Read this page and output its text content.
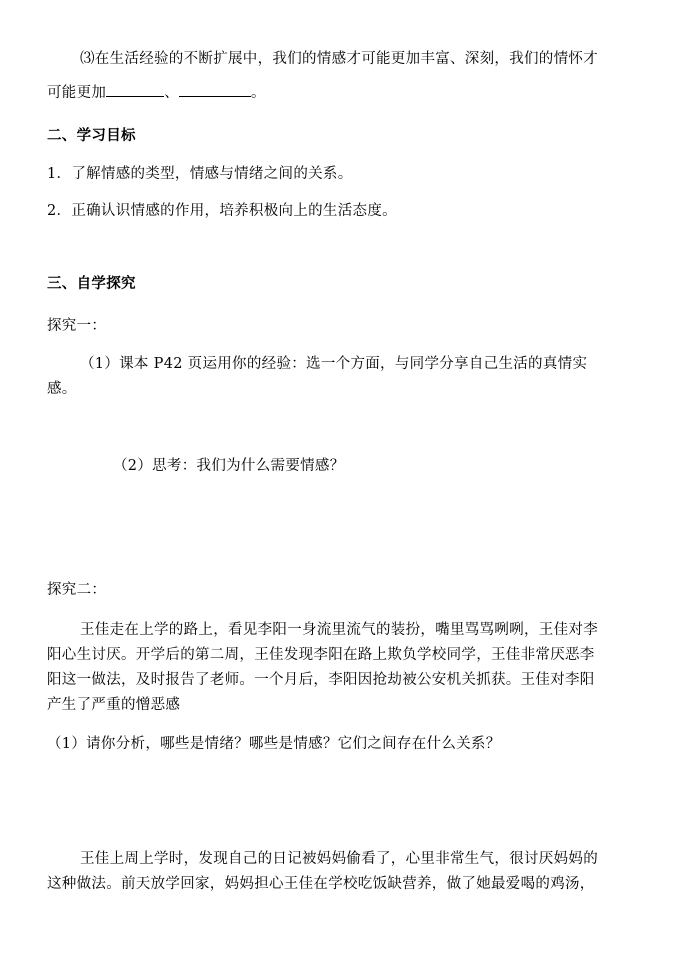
⑶在生活经验的不断扩展中，我们的情感才可能更加丰富、深刻，我们的情怀才
可能更加	、	。
二、学习目标
1．了解情感的类型，情感与情绪之间的关系。
2．正确认识情感的作用，培养积极向上的生活态度。
三、自学探究
探究一：
（1）课本 P42 页运用你的经验：选一个方面，与同学分享自己生活的真情实
感。
（2）思考：我们为什么需要情感？
探究二：
王佳走在上学的路上，看见李阳一身流里流气的装扮，嘴里骂骂咧咧，王佳对李
阳心生讨厌。开学后的第二周，王佳发现李阳在路上欺负学校同学，王佳非常厌恶李
阳这一做法，及时报告了老师。一个月后，李阳因抢劫被公安机关抓获。王佳对李阳
产生了严重的憎恶感
（1）请你分析，哪些是情绪？哪些是情感？它们之间存在什么关系？
王佳上周上学时，发现自己的日记被妈妈偷看了，心里非常生气，很讨厌妈妈的
这种做法。前天放学回家，妈妈担心王佳在学校吃饭缺营养，做了她最爱喝的鸡汤，
